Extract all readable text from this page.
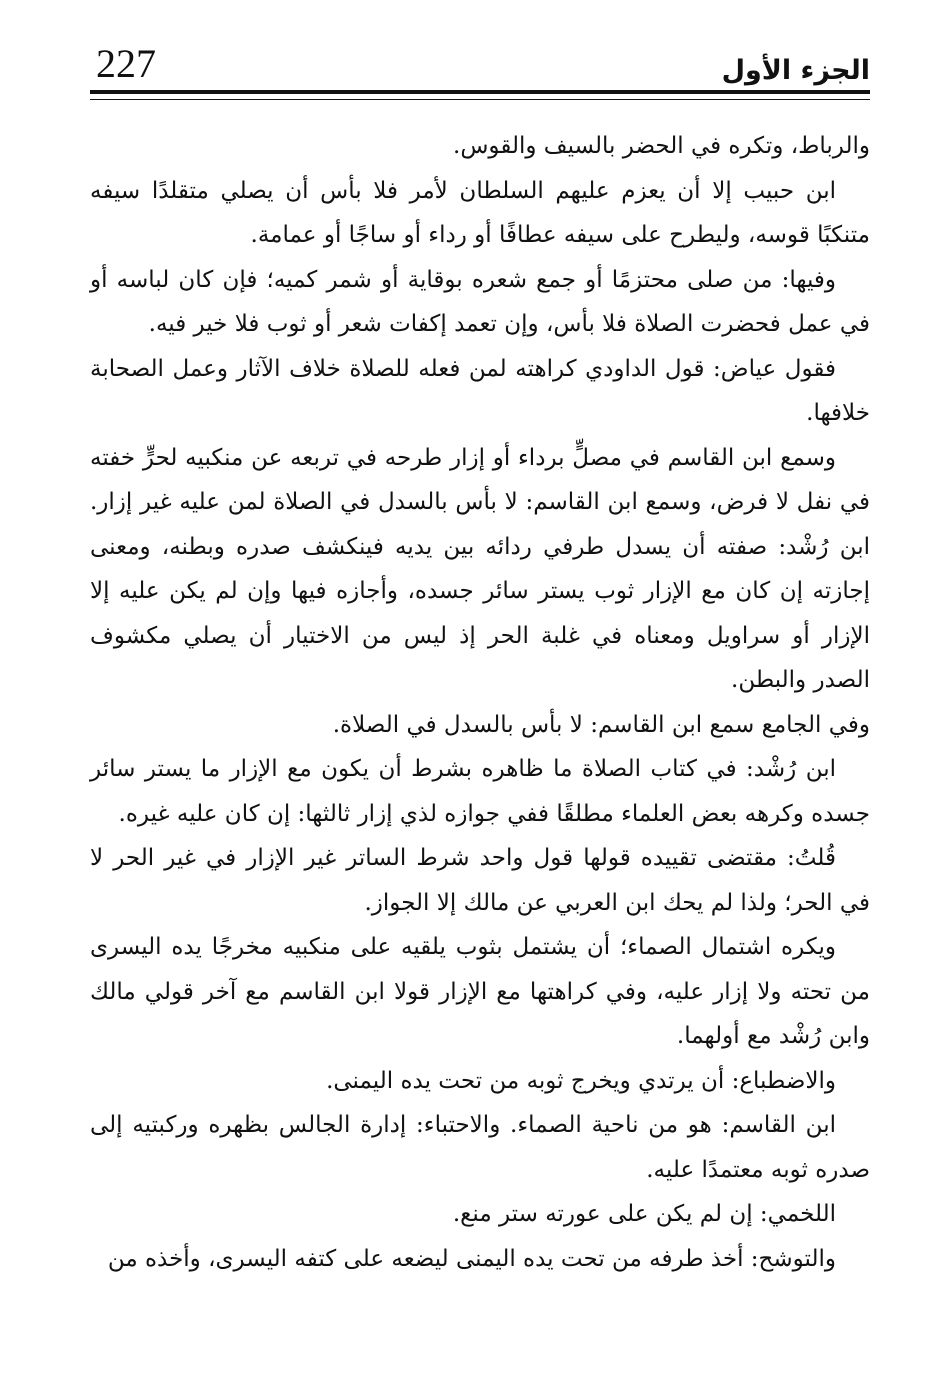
227	الجزء الأول

والرباط، وتكره في الحضر بالسيف والقوس.

ابن حبيب إلا أن يعزم عليهم السلطان لأمر فلا بأس أن يصلي متقلدًا سيفه متنكبًا قوسه، وليطرح على سيفه عطافًا أو رداء أو ساجًا أو عمامة.

وفيها: من صلى محتزمًا أو جمع شعره بوقاية أو شمر كميه؛ فإن كان لباسه أو في عمل فحضرت الصلاة فلا بأس، وإن تعمد إكفات شعر أو ثوب فلا خير فيه.

فقول عياض: قول الداودي كراهته لمن فعله للصلاة خلاف الآثار وعمل الصحابة خلافها.

وسمع ابن القاسم في مصلٍّ برداء أو إزار طرحه في تربعه عن منكبيه لحرٍّ خفته في نفل لا فرض، وسمع ابن القاسم: لا بأس بالسدل في الصلاة لمن عليه غير إزار. ابن رُشْد: صفته أن يسدل طرفي ردائه بين يديه فينكشف صدره وبطنه، ومعنى إجازته إن كان مع الإزار ثوب يستر سائر جسده، وأجازه فيها وإن لم يكن عليه إلا الإزار أو سراويل ومعناه في غلبة الحر إذ ليس من الاختيار أن يصلي مكشوف الصدر والبطن.

وفي الجامع سمع ابن القاسم: لا بأس بالسدل في الصلاة.

ابن رُشْد: في كتاب الصلاة ما ظاهره بشرط أن يكون مع الإزار ما يستر سائر جسده وكرهه بعض العلماء مطلقًا ففي جوازه لذي إزار ثالثها: إن كان عليه غيره.

قُلتُ: مقتضى تقييده قولها قول واحد شرط الساتر غير الإزار في غير الحر لا في الحر؛ ولذا لم يحك ابن العربي عن مالك إلا الجواز.

ويكره اشتمال الصماء؛ أن يشتمل بثوب يلقيه على منكبيه مخرجًا يده اليسرى من تحته ولا إزار عليه، وفي كراهتها مع الإزار قولا ابن القاسم مع آخر قولي مالك وابن رُشْد مع أولهما.

والاضطباع: أن يرتدي ويخرج ثوبه من تحت يده اليمنى.

ابن القاسم: هو من ناحية الصماء. والاحتباء: إدارة الجالس بظهره وركبتيه إلى صدره ثوبه معتمدًا عليه.

اللخمي: إن لم يكن على عورته ستر منع.

والتوشح: أخذ طرفه من تحت يده اليمنى ليضعه على كتفه اليسرى، وأخذه من
